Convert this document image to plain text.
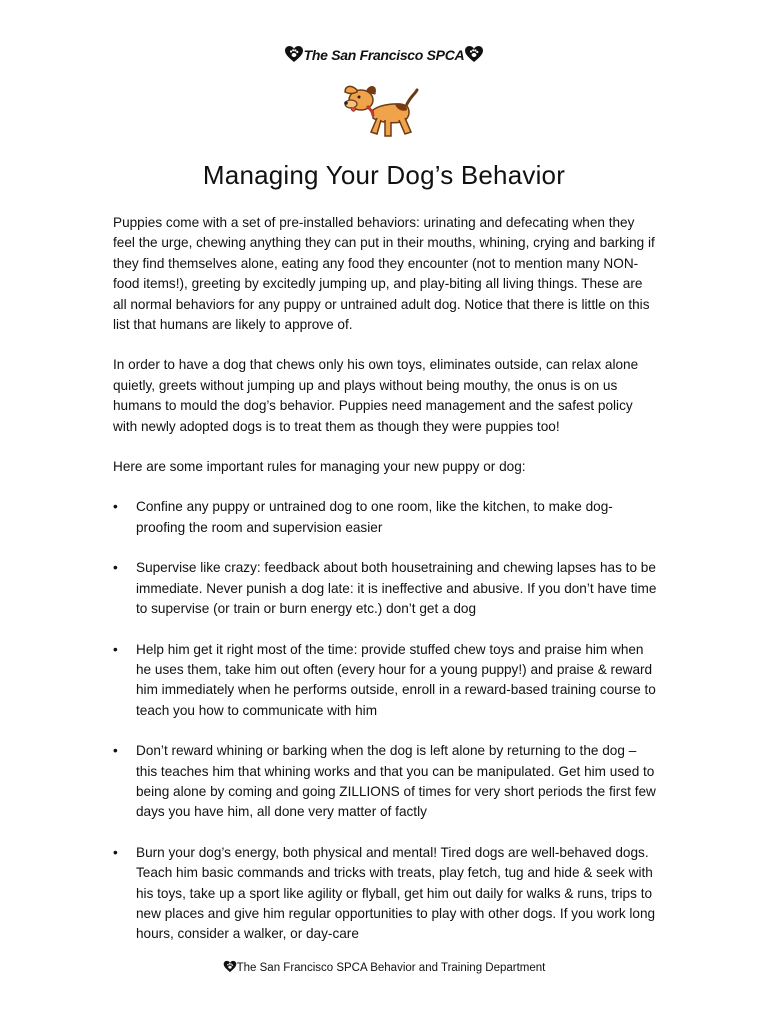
The San Francisco SPCA
Managing Your Dog’s Behavior

Puppies come with a set of pre-installed behaviors: urinating and defecating when they feel the urge, chewing anything they can put in their mouths, whining, crying and barking if they find themselves alone, eating any food they encounter (not to mention many NON-food items!), greeting by excitedly jumping up, and play-biting all living things. These are all normal behaviors for any puppy or untrained adult dog. Notice that there is little on this list that humans are likely to approve of.

In order to have a dog that chews only his own toys, eliminates outside, can relax alone quietly, greets without jumping up and plays without being mouthy, the onus is on us humans to mould the dog’s behavior. Puppies need management and the safest policy with newly adopted dogs is to treat them as though they were puppies too!

Here are some important rules for managing your new puppy or dog:

• Confine any puppy or untrained dog to one room, like the kitchen, to make dog-proofing the room and supervision easier
• Supervise like crazy: feedback about both housetraining and chewing lapses has to be immediate. Never punish a dog late: it is ineffective and abusive. If you don’t have time to supervise (or train or burn energy etc.) don’t get a dog
• Help him get it right most of the time: provide stuffed chew toys and praise him when he uses them, take him out often (every hour for a young puppy!) and praise & reward him immediately when he performs outside, enroll in a reward-based training course to teach you how to communicate with him
• Don’t reward whining or barking when the dog is left alone by returning to the dog – this teaches him that whining works and that you can be manipulated. Get him used to being alone by coming and going ZILLIONS of times for very short periods the first few days you have him, all done very matter of factly
• Burn your dog’s energy, both physical and mental! Tired dogs are well-behaved dogs. Teach him basic commands and tricks with treats, play fetch, tug and hide & seek with his toys, take up a sport like agility or flyball, get him out daily for walks & runs, trips to new places and give him regular opportunities to play with other dogs. If you work long hours, consider a walker, or day-care
The San Francisco SPCA Behavior and Training Department
